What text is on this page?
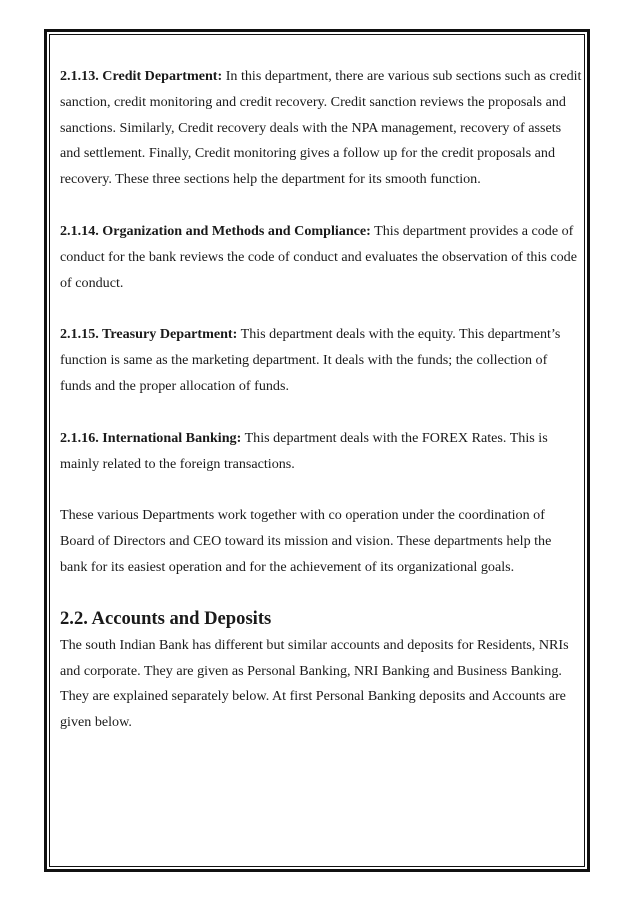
2.1.13. Credit Department: In this department, there are various sub sections such as credit sanction, credit monitoring and credit recovery. Credit sanction reviews the proposals and sanctions. Similarly, Credit recovery deals with the NPA management, recovery of assets and settlement. Finally, Credit monitoring gives a follow up for the credit proposals and recovery. These three sections help the department for its smooth function.

2.1.14. Organization and Methods and Compliance: This department provides a code of conduct for the bank reviews the code of conduct and evaluates the observation of this code of conduct.

2.1.15. Treasury Department: This department deals with the equity. This department’s function is same as the marketing department. It deals with the funds; the collection of funds and the proper allocation of funds.

2.1.16. International Banking: This department deals with the FOREX Rates. This is mainly related to the foreign transactions.

These various Departments work together with co operation under the coordination of Board of Directors and CEO toward its mission and vision. These departments help the bank for its easiest operation and for the achievement of its organizational goals.

2.2. Accounts and Deposits

The south Indian Bank has different but similar accounts and deposits for Residents, NRIs and corporate. They are given as Personal Banking, NRI Banking and Business Banking. They are explained separately below. At first Personal Banking deposits and Accounts are given below.
